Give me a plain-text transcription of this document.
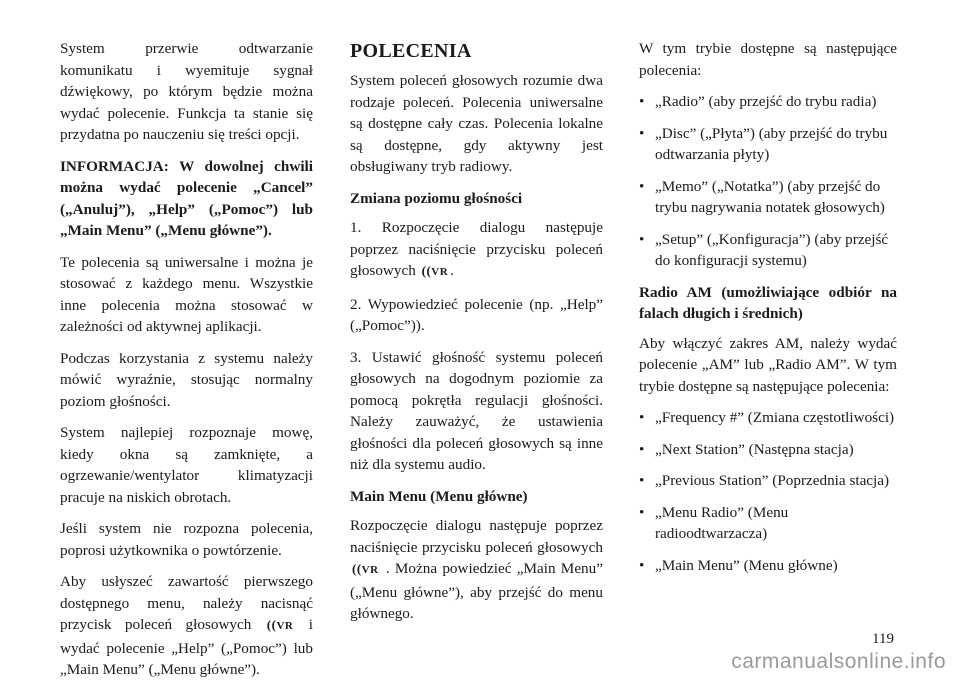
System przerwie odtwarzanie komunikatu i wyemituje sygnał dźwiękowy, po którym będzie można wydać polecenie. Funkcja ta stanie się przydatna po nauczeniu się treści opcji.

INFORMACJA: W dowolnej chwili można wydać polecenie „Cancel” („Anuluj”), „Help” („Pomoc”) lub „Main Menu” („Menu główne”).

Te polecenia są uniwersalne i można je stosować z każdego menu. Wszystkie inne polecenia można stosować w zależności od aktywnej aplikacji.

Podczas korzystania z systemu należy mówić wyraźnie, stosując normalny poziom głośności.

System najlepiej rozpoznaje mowę, kiedy okna są zamknięte, a ogrzewanie/wentylator klimatyzacji pracuje na niskich obrotach.

Jeśli system nie rozpozna polecenia, poprosi użytkownika o powtórzenie.

Aby usłyszeć zawartość pierwszego dostępnego menu, należy nacisnąć przycisk poleceń głosowych ((VR i wydać polecenie „Help” („Pomoc”) lub „Main Menu” („Menu główne”).

POLECENIA

System poleceń głosowych rozumie dwa rodzaje poleceń. Polecenia uniwersalne są dostępne cały czas. Polecenia lokalne są dostępne, gdy aktywny jest obsługiwany tryb radiowy.

Zmiana poziomu głośności

1. Rozpoczęcie dialogu następuje poprzez naciśnięcie przycisku poleceń głosowych ((VR .

2. Wypowiedzieć polecenie (np. „Help” („Pomoc”)).

3. Ustawić głośność systemu poleceń głosowych na dogodnym poziomie za pomocą pokrętła regulacji głośności. Należy zauważyć, że ustawienia głośności dla poleceń głosowych są inne niż dla systemu audio.

Main Menu (Menu główne)

Rozpoczęcie dialogu następuje poprzez naciśnięcie przycisku poleceń głosowych ((VR . Można powiedzieć „Main Menu” („Menu główne”), aby przejść do menu głównego.

W tym trybie dostępne są następujące polecenia:

• „Radio” (aby przejść do trybu radia)
• „Disc” („Płyta”) (aby przejść do trybu odtwarzania płyty)
• „Memo” („Notatka”) (aby przejść do trybu nagrywania notatek głosowych)
• „Setup” („Konfiguracja”) (aby przejść do konfiguracji systemu)

Radio AM (umożliwiające odbiór na falach długich i średnich)

Aby włączyć zakres AM, należy wydać polecenie „AM” lub „Radio AM”. W tym trybie dostępne są następujące polecenia:

• „Frequency #” (Zmiana częstotliwości)
• „Next Station” (Następna stacja)
• „Previous Station” (Poprzednia stacja)
• „Menu Radio” (Menu radioodtwarzacza)
• „Main Menu” (Menu główne)
119
carmanualsonline.info
